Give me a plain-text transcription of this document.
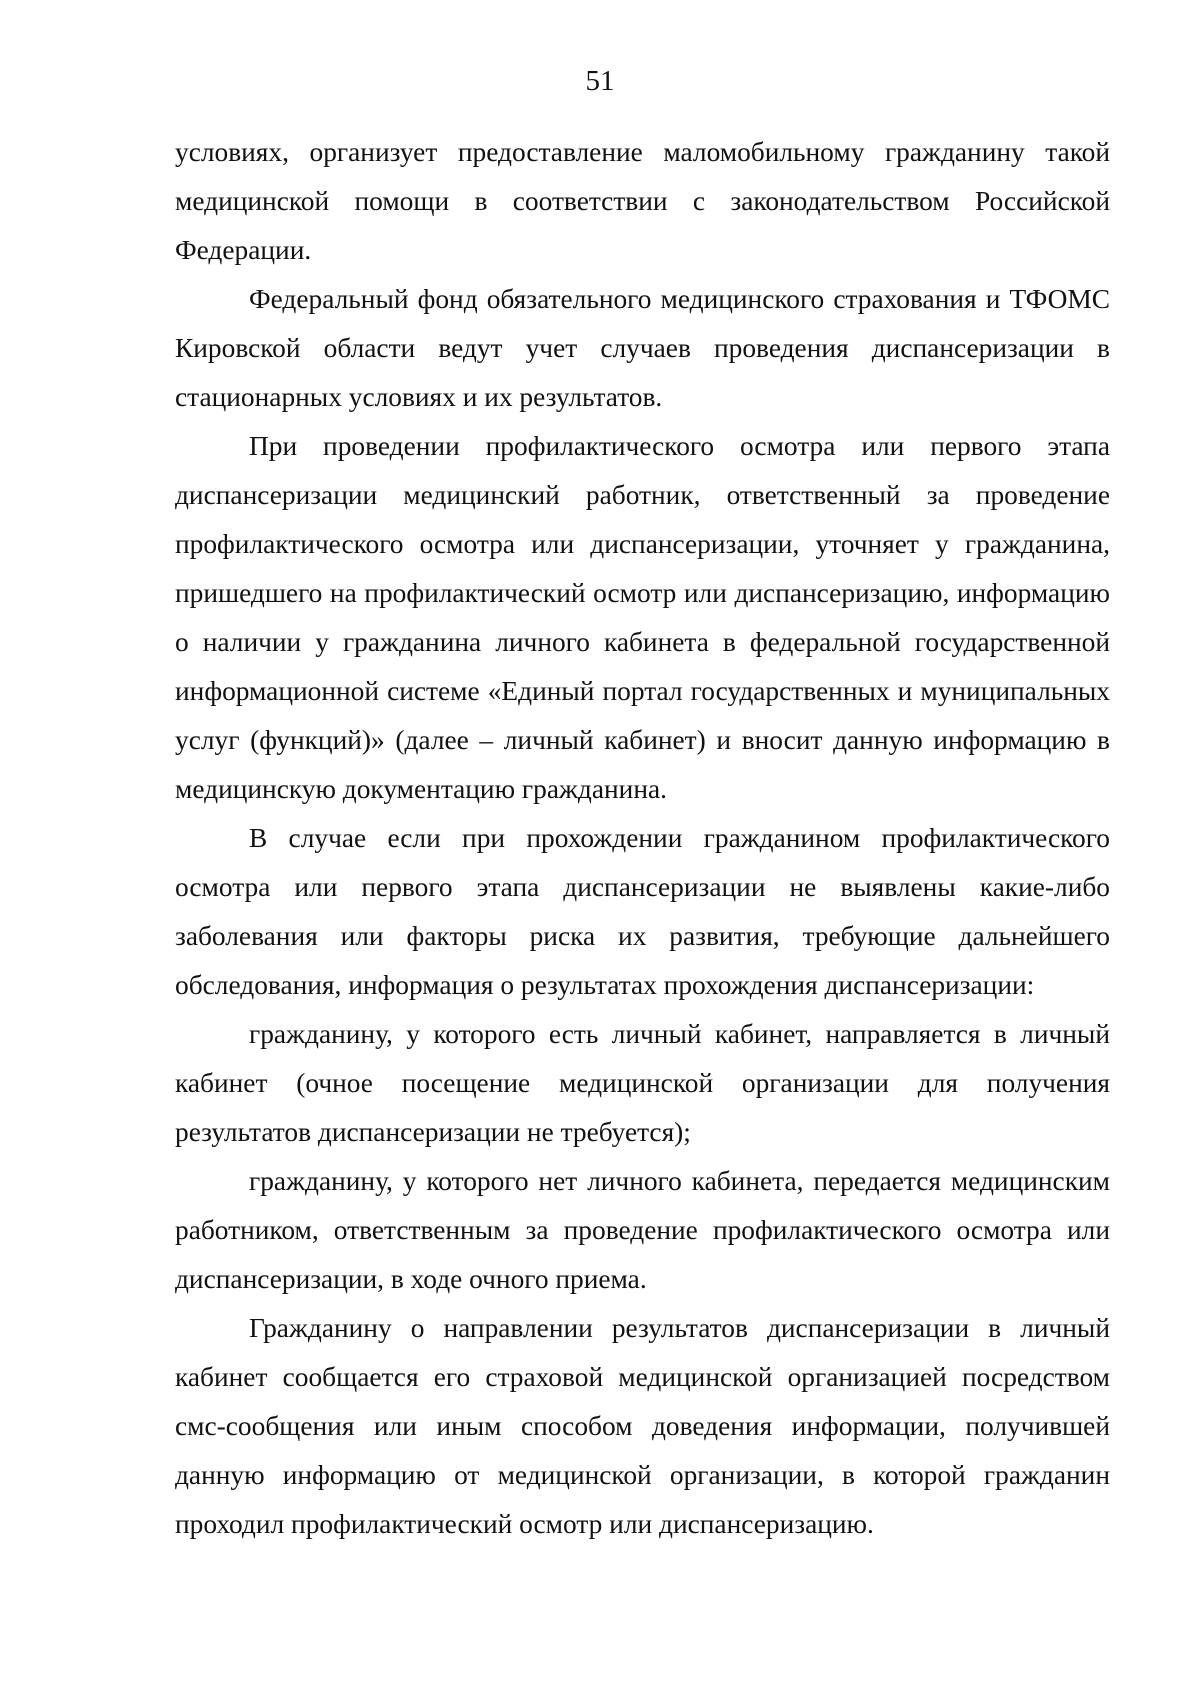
51

условиях, организует предоставление маломобильному гражданину такой медицинской помощи в соответствии с законодательством Российской Федерации.

Федеральный фонд обязательного медицинского страхования и ТФОМС Кировской области ведут учет случаев проведения диспансеризации в стационарных условиях и их результатов.

При проведении профилактического осмотра или первого этапа диспансеризации медицинский работник, ответственный за проведение профилактического осмотра или диспансеризации, уточняет у гражданина, пришедшего на профилактический осмотр или диспансеризацию, информацию о наличии у гражданина личного кабинета в федеральной государственной информационной системе «Единый портал государственных и муниципальных услуг (функций)» (далее – личный кабинет) и вносит данную информацию в медицинскую документацию гражданина.

В случае если при прохождении гражданином профилактического осмотра или первого этапа диспансеризации не выявлены какие-либо заболевания или факторы риска их развития, требующие дальнейшего обследования, информация о результатах прохождения диспансеризации:

гражданину, у которого есть личный кабинет, направляется в личный кабинет (очное посещение медицинской организации для получения результатов диспансеризации не требуется);

гражданину, у которого нет личного кабинета, передается медицинским работником, ответственным за проведение профилактического осмотра или диспансеризации, в ходе очного приема.

Гражданину о направлении результатов диспансеризации в личный кабинет сообщается его страховой медицинской организацией посредством смс-сообщения или иным способом доведения информации, получившей данную информацию от медицинской организации, в которой гражданин проходил профилактический осмотр или диспансеризацию.
